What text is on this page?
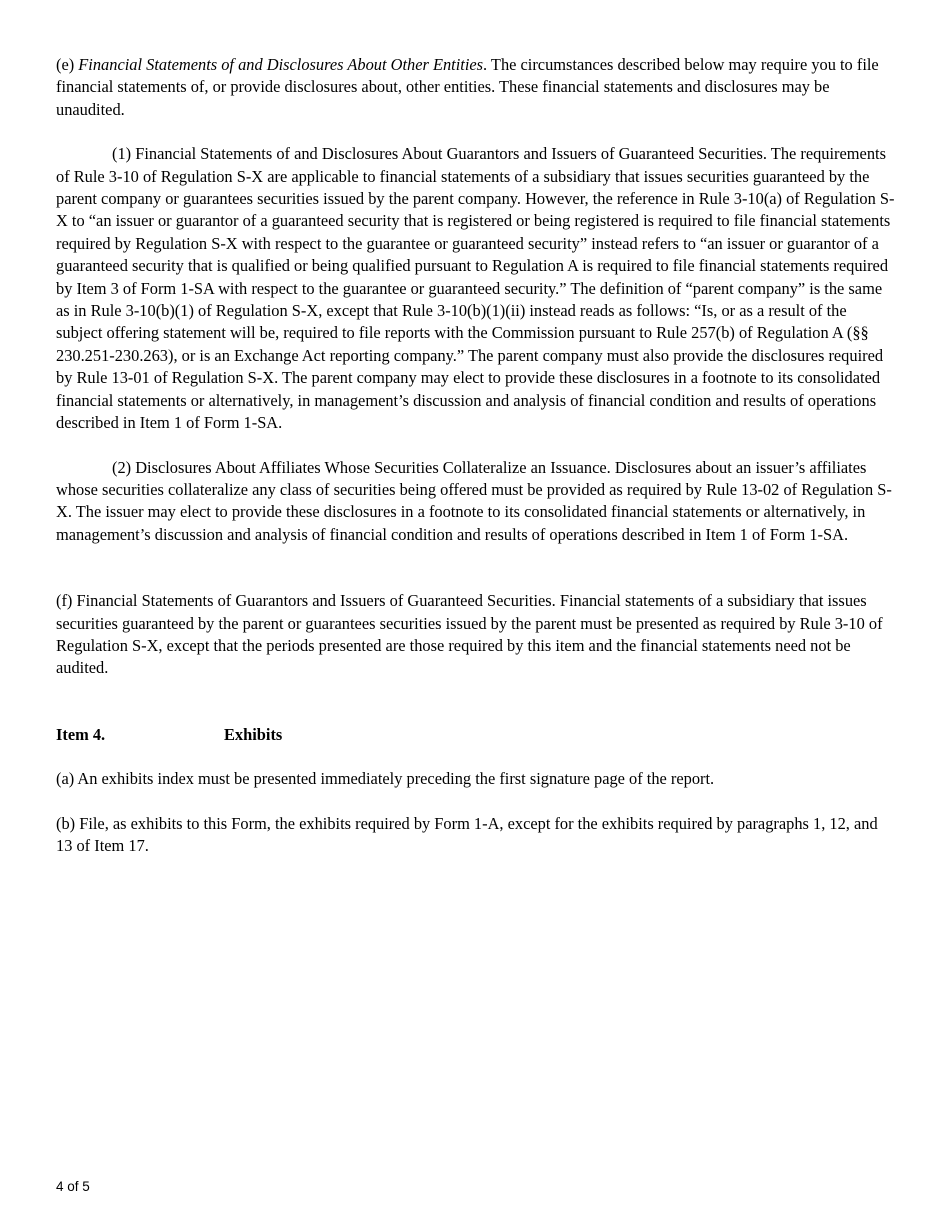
(e) Financial Statements of and Disclosures About Other Entities. The circumstances described below may require you to file financial statements of, or provide disclosures about, other entities. These financial statements and disclosures may be unaudited.

(1) Financial Statements of and Disclosures About Guarantors and Issuers of Guaranteed Securities. The requirements of Rule 3-10 of Regulation S-X are applicable to financial statements of a subsidiary that issues securities guaranteed by the parent company or guarantees securities issued by the parent company. However, the reference in Rule 3-10(a) of Regulation S-X to “an issuer or guarantor of a guaranteed security that is registered or being registered is required to file financial statements required by Regulation S-X with respect to the guarantee or guaranteed security” instead refers to “an issuer or guarantor of a guaranteed security that is qualified or being qualified pursuant to Regulation A is required to file financial statements required by Item 3 of Form 1-SA with respect to the guarantee or guaranteed security.” The definition of “parent company” is the same as in Rule 3-10(b)(1) of Regulation S-X, except that Rule 3-10(b)(1)(ii) instead reads as follows: “Is, or as a result of the subject offering statement will be, required to file reports with the Commission pursuant to Rule 257(b) of Regulation A (§§ 230.251-230.263), or is an Exchange Act reporting company.” The parent company must also provide the disclosures required by Rule 13-01 of Regulation S-X. The parent company may elect to provide these disclosures in a footnote to its consolidated financial statements or alternatively, in management’s discussion and analysis of financial condition and results of operations described in Item 1 of Form 1-SA.

(2) Disclosures About Affiliates Whose Securities Collateralize an Issuance. Disclosures about an issuer’s affiliates whose securities collateralize any class of securities being offered must be provided as required by Rule 13-02 of Regulation S-X. The issuer may elect to provide these disclosures in a footnote to its consolidated financial statements or alternatively, in management’s discussion and analysis of financial condition and results of operations described in Item 1 of Form 1-SA.

(f) Financial Statements of Guarantors and Issuers of Guaranteed Securities. Financial statements of a subsidiary that issues securities guaranteed by the parent or guarantees securities issued by the parent must be presented as required by Rule 3-10 of Regulation S-X, except that the periods presented are those required by this item and the financial statements need not be audited.

Item 4.	Exhibits

(a) An exhibits index must be presented immediately preceding the first signature page of the report.

(b) File, as exhibits to this Form, the exhibits required by Form 1-A, except for the exhibits required by paragraphs 1, 12, and 13 of Item 17.

4 of 5
